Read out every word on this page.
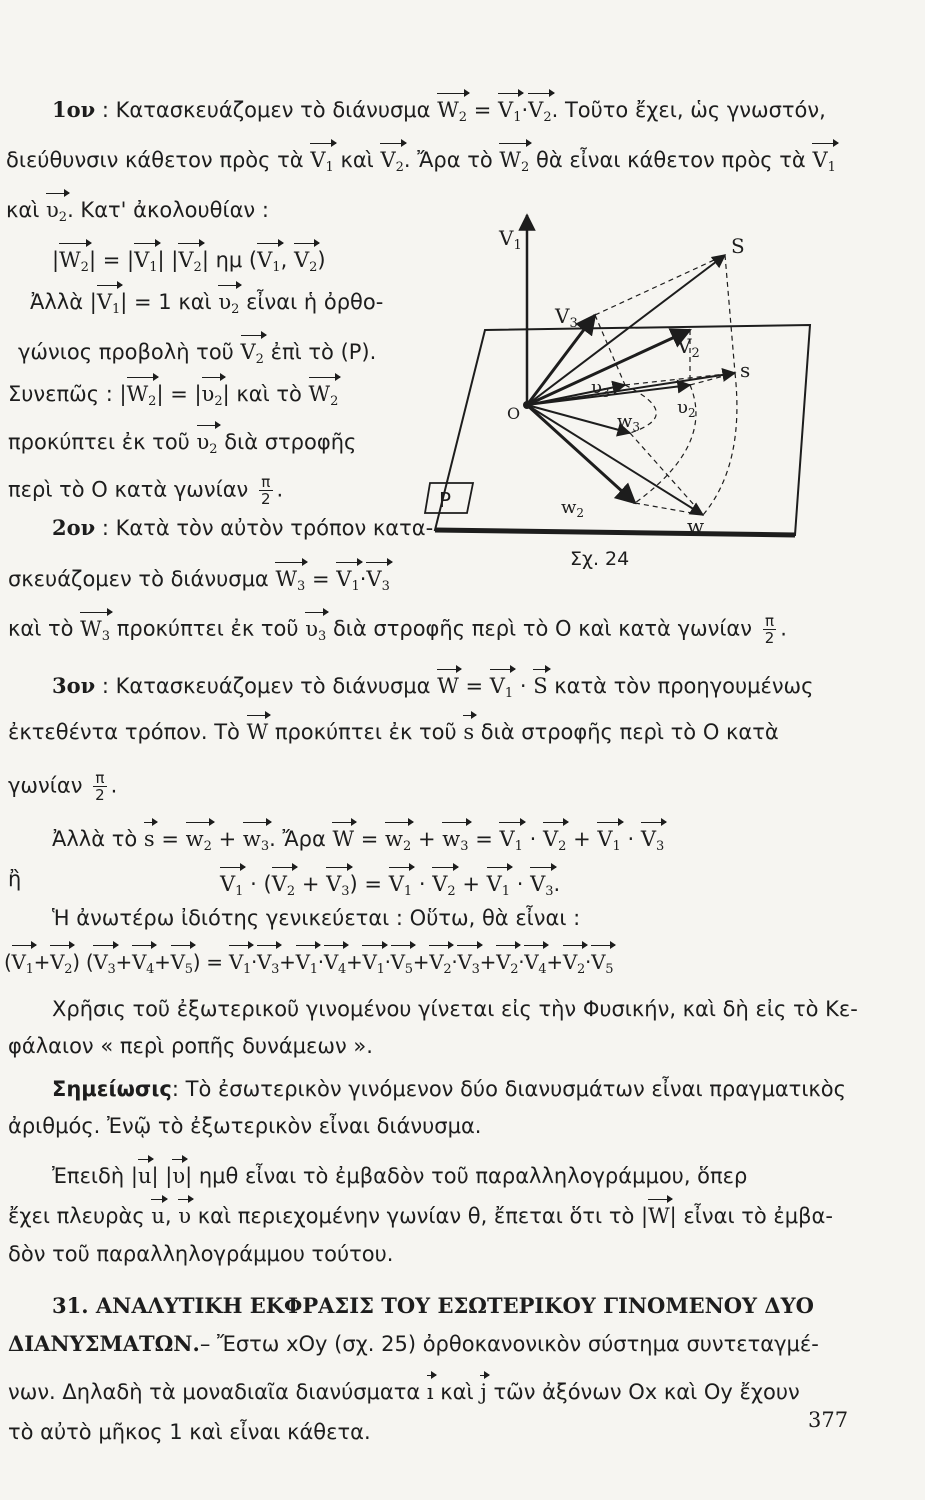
1ον : Κατασκευάζομεν τὸ διάνυσμα $W_2 = V_1\cdot V_2$. Τοῦτο ἔχει, ὡς γνωστόν,
διεύθυνσιν κάθετον πρὸς τὰ $V_1$ καὶ $V_2$. Ἄρα τὸ $W_2$ θὰ εἶναι κάθετον πρὸς τὰ $V_1$
καὶ $\upsilon_2$. Κατ' ἀκολουθίαν :
$|W_2| = |V_1|$ $|V_2|$ ημ ($V_1$, $V_2$)
Ἀλλὰ $|V_1| = 1$ καὶ $\upsilon_2$ εἶναι ἡ ὀρθο-
γώνιος προβολὴ τοῦ $V_2$ ἐπὶ τὸ (P).
Συνεπῶς : $|W_2| = |\upsilon_2|$ καὶ τὸ $W_2$
προκύπτει ἐκ τοῦ $\upsilon_2$ διὰ στροφῆς
περὶ τὸ Ο κατὰ γωνίαν $\frac{\pi}{2}$ .
2ον : Κατὰ τὸν αὐτὸν τρόπον κατα-
σκευάζομεν τὸ διάνυσμα $W_3 = V_1\cdot V_3$
καὶ τὸ $W_3$ προκύπτει ἐκ τοῦ $\upsilon_3$ διὰ στροφῆς περὶ τὸ Ο καὶ κατὰ γωνίαν $\frac{\pi}{2}$ .
3ον : Κατασκευάζομεν τὸ διάνυσμα $W = V_1 \cdot S$ κατὰ τὸν προηγουμένως
ἐκτεθέντα τρόπον. Τὸ W προκύπτει ἐκ τοῦ s διὰ στροφῆς περὶ τὸ Ο κατὰ
γωνίαν $\frac{\pi}{2}$ .
Ἀλλὰ τὸ $s = w_2 + w_3$. Ἄρα $W = w_2 + w_3 = V_1 \cdot V_2 + V_1 \cdot V_3$
ἢ	$V_1 \cdot (V_2 + V_3) = V_1 \cdot V_2 + V_1 \cdot V_3$.
Ἡ ἀνωτέρω ἰδιότης γενικεύεται : Οὕτω, θὰ εἶναι :
$(V_1+V_2) (V_3+V_4+V_5) = V_1\cdot V_3+V_1\cdot V_4+V_1\cdot V_5+V_2\cdot V_3+V_2\cdot V_4+V_2\cdot V_5$
Χρῆσις τοῦ ἐξωτερικοῦ γινομένου γίνεται εἰς τὴν Φυσικήν, καὶ δὴ εἰς τὸ Κε-
φάλαιον « περὶ ροπῆς δυνάμεων ».
Σημείωσις: Τὸ ἐσωτερικὸν γινόμενον δύο διανυσμάτων εἶναι πραγματικὸς
ἀριθμός. Ἐνῷ τὸ ἐξωτερικὸν εἶναι διάνυσμα.
Ἐπειδὴ |u| |υ| ημθ εἶναι τὸ ἐμβαδὸν τοῦ παραλληλογράμμου, ὅπερ
ἔχει πλευρὰς u, υ καὶ περιεχομένην γωνίαν θ, ἔπεται ὅτι τὸ |W| εἶναι τὸ ἐμβα-
δὸν τοῦ παραλληλογράμμου τούτου.
31. ΑΝΑΛΥΤΙΚΗ ΕΚΦΡΑΣΙΣ ΤΟΥ ΕΣΩΤΕΡΙΚΟΥ ΓΙΝΟΜΕΝΟΥ ΔΥΟ
ΔΙΑΝΥΣΜΑΤΩΝ.– Ἔστω xOy (σχ. 25) ὀρθοκανονικὸν σύστημα συντεταγμέ-
νων. Δηλαδὴ τὰ μοναδιαῖα διανύσματα ı καὶ j τῶν ἀξόνων Ox καὶ Oy ἔχουν
τὸ αὐτὸ μῆκος 1 καὶ εἶναι κάθετα.
$V_1$	S
$V_3$
$V_2$
s
$\upsilon_3$
$\upsilon_2$
O	$w_3$
$w_2$
w
P
Σχ. 24
377
